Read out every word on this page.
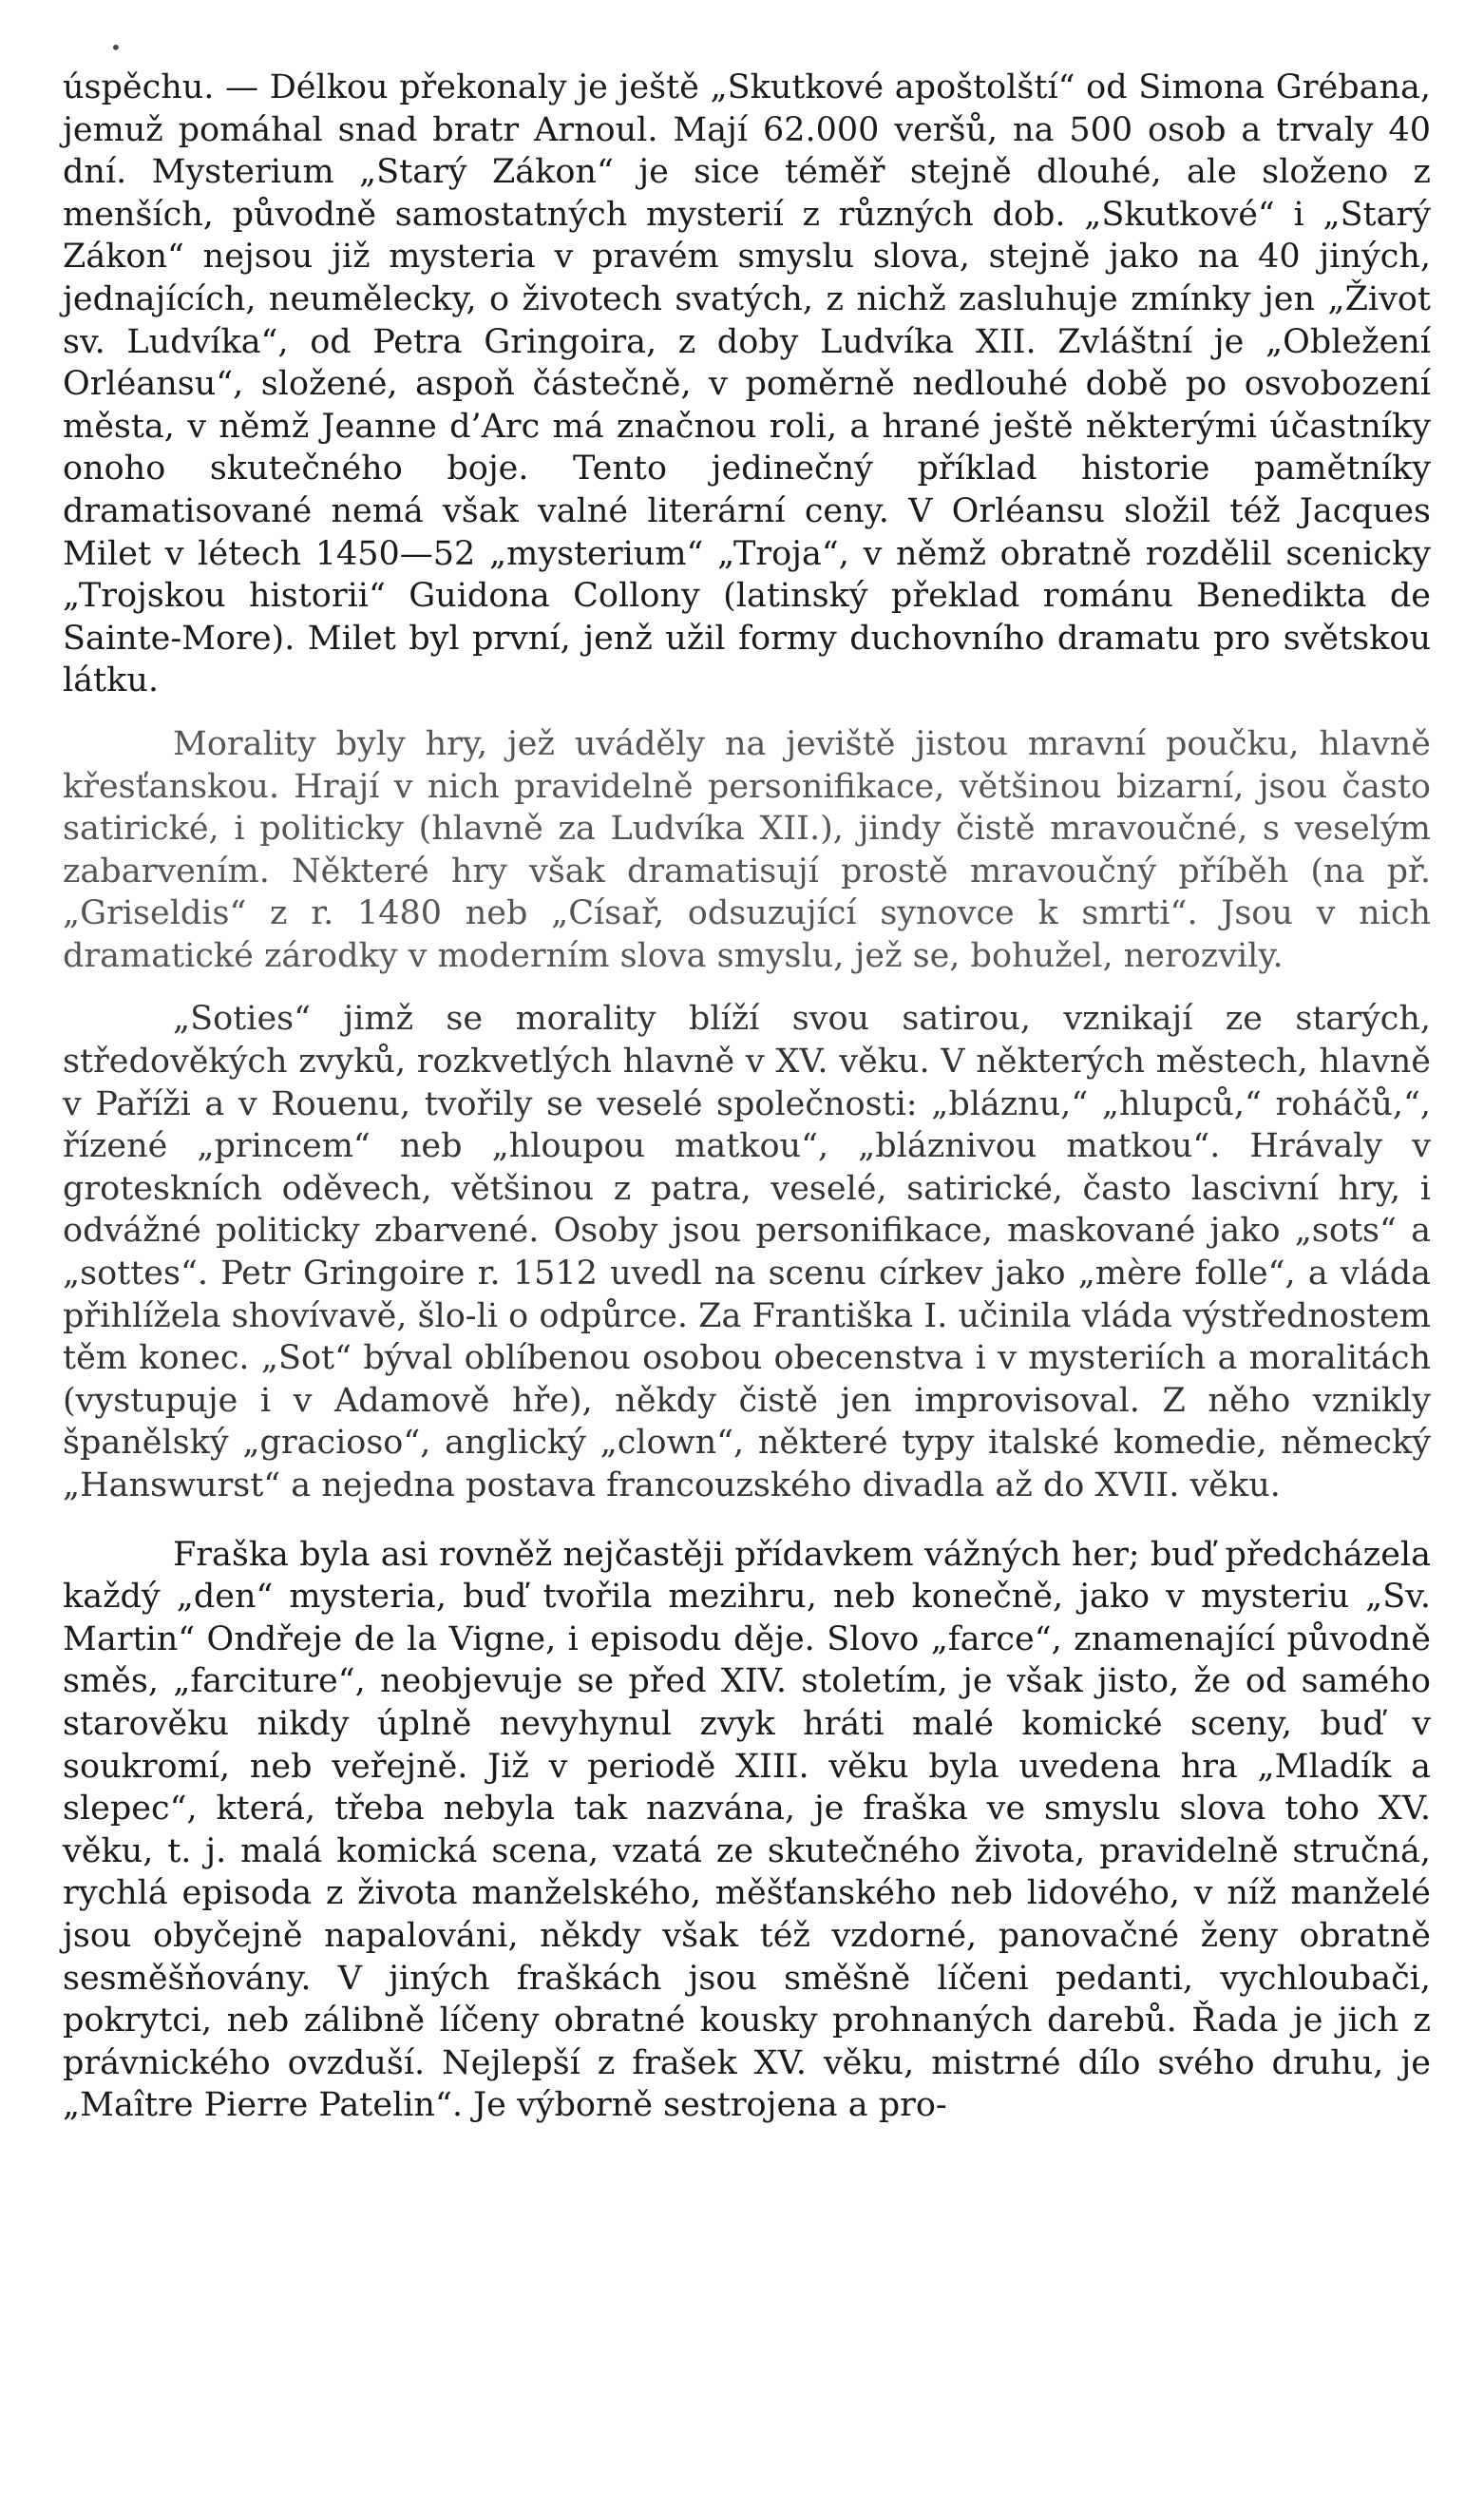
•

úspěchu. — Délkou překonaly je ještě „Skutkové apoštolští“ od Simona Grébana, jemuž pomáhal snad bratr Arnoul. Mají 62.000 veršů, na 500 osob a trvaly 40 dní. Mysterium „Starý Zákon“ je sice téměř stejně dlouhé, ale složeno z menších, původně samostatných mysterií z různých dob. „Skutkové“ i „Starý Zákon“ nejsou již mysteria v pravém smyslu slova, stejně jako na 40 jiných, jednajících, neumělecky, o životech svatých, z nichž zasluhuje zmínky jen „Život sv. Ludvíka“, od Petra Gringoira, z doby Ludvíka XII. Zvláštní je „Obležení Orléansu“, složené, aspoň částečně, v poměrně nedlouhé době po osvobození města, v němž Jeanne d’Arc má značnou roli, a hrané ještě některými účastníky onoho skutečného boje. Tento jedinečný příklad historie pamětníky dramatisované nemá však valné literární ceny. V Orléansu složil též Jacques Milet v létech 1450—52 „mysterium“ „Troja“, v němž obratně rozdělil scenicky „Trojskou historii“ Guidona Collony (latinský překlad románu Benedikta de Sainte-More). Milet byl první, jenž užil formy duchovního dramatu pro světskou látku.

Morality byly hry, jež uváděly na jeviště jistou mravní poučku, hlavně křesťanskou. Hrají v nich pravidelně personifikace, většinou bizarní, jsou často satirické, i politicky (hlavně za Ludvíka XII.), jindy čistě mravoučné, s veselým zabarvením. Některé hry však dramatisují prostě mravoučný příběh (na př. „Griseldis“ z r. 1480 neb „Císař, odsuzující synovce k smrti“. Jsou v nich dramatické zárodky v moderním slova smyslu, jež se, bohužel, nerozvily.

„Soties“ jimž se morality blíží svou satirou, vznikají ze starých, středověkých zvyků, rozkvetlých hlavně v XV. věku. V některých městech, hlavně v Paříži a v Rouenu, tvořily se veselé společnosti: „bláznu,“ „hlupců,“ roháčů,“, řízené „princem“ neb „hloupou matkou“, „bláznivou matkou“. Hrávaly v groteskních oděvech, většinou z patra, veselé, satirické, často lascivní hry, i odvážné politicky zbarvené. Osoby jsou personifikace, maskované jako „sots“ a „sottes“. Petr Gringoire r. 1512 uvedl na scenu církev jako „mère folle“, a vláda přihlížela shovívavě, šlo-li o odpůrce. Za Františka I. učinila vláda výstřednostem těm konec. „Sot“ býval oblíbenou osobou obecenstva i v mysteriích a moralitách (vystupuje i v Adamově hře), někdy čistě jen improvisoval. Z něho vznikly španělský „gracioso“, anglický „clown“, některé typy italské komedie, německý „Hanswurst“ a nejedna postava francouzského divadla až do XVII. věku.

Fraška byla asi rovněž nejčastěji přídavkem vážných her; buď předcházela každý „den“ mysteria, buď tvořila mezihru, neb konečně, jako v mysteriu „Sv. Martin“ Ondřeje de la Vigne, i episodu děje. Slovo „farce“, znamenající původně směs, „farciture“, neobjevuje se před XIV. stoletím, je však jisto, že od samého starověku nikdy úplně nevyhynul zvyk hráti malé komické sceny, buď v soukromí, neb veřejně. Již v periodě XIII. věku byla uvedena hra „Mladík a slepec“, která, třeba nebyla tak nazvána, je fraška ve smyslu slova toho XV. věku, t. j. malá komická scena, vzatá ze skutečného života, pravidelně stručná, rychlá episoda z života manželského, měšťanského neb lidového, v níž manželé jsou obyčejně napalováni, někdy však též vzdorné, panovačné ženy obratně sesměšňovány. V jiných fraškách jsou směšně líčeni pedanti, vychloubači, pokrytci, neb zálibně líčeny obratné kousky prohnaných darebů. Řada je jich z právnického ovzduší. Nejlepší z frašek XV. věku, mistrné dílo svého druhu, je „Maître Pierre Patelin“. Je výborně sestrojena a pro-
